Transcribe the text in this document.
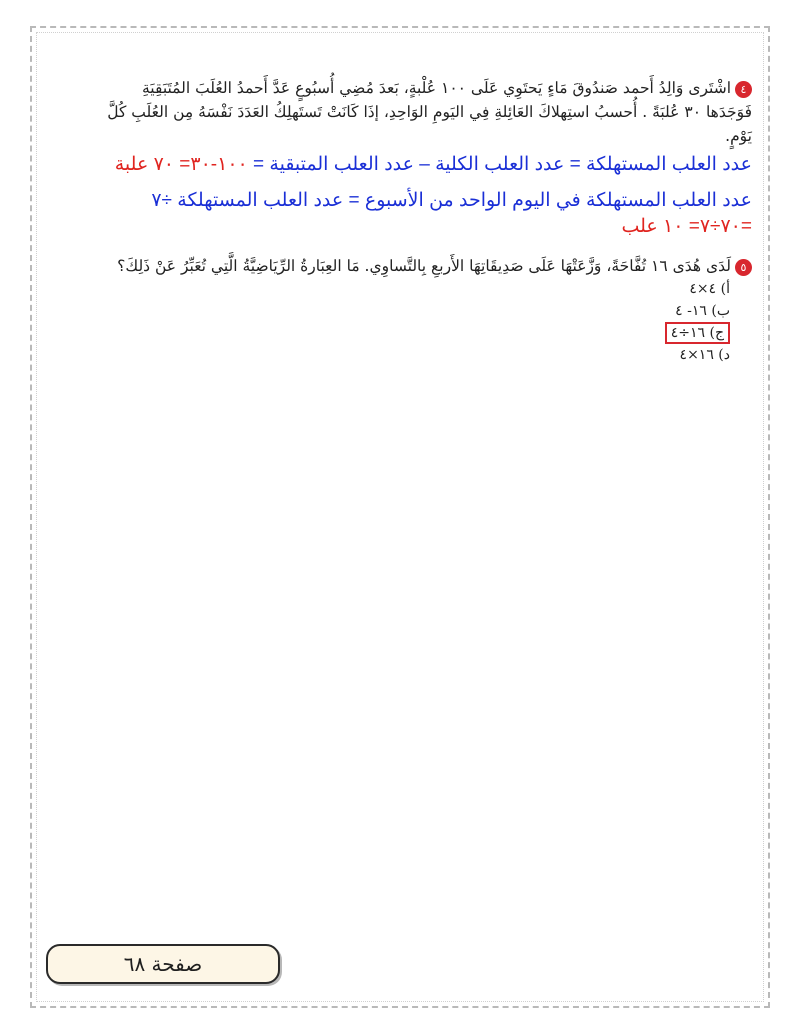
٤اشْتَرى وَالِدُ أَحمد صَندُوقَ مَاءٍ يَحتَوِي عَلَى ١٠٠ عُلْبةٍ، بَعدَ مُضِي أُسبُوعٍ عَدَّ أَحمدُ العُلَبَ المُتَبَقِيَةِ

فَوَجَدَها ٣٠ عُلبَةً . أُحسبُ استِهلاكَ العَائِلةِ فِي اليَومِ الوَاحِدِ، إذَا كَانَتْ تَستَهلِكُ العَدَدَ نَفْسَهُ مِن العُلَبِ كُلَّ

يَوْمٍ.

عدد العلب المستهلكة = عدد العلب الكلية – عدد العلب المتبقية = ١٠٠-٣٠= ٧٠ علبة

عدد العلب المستهلكة في اليوم الواحد من الأسبوع = عدد العلب المستهلكة ÷٧

=٧٠÷٧= ١٠ علب

٥لَدَى هُدَى ١٦ تُفَّاحَةً، وَزَّعَتْهَا عَلَى صَدِيقَاتِهَا الأَربعِ بِالتَّساوِي. مَا العِبَارةُ الرِّيَاضِيَّةُ الَّتِي تُعَبِّرُ عَنْ ذَلِكَ؟

أ) ٤×٤

ب) ١٦- ٤

ج) ١٦÷٤

د) ١٦×٤

صفحة ٦٨
